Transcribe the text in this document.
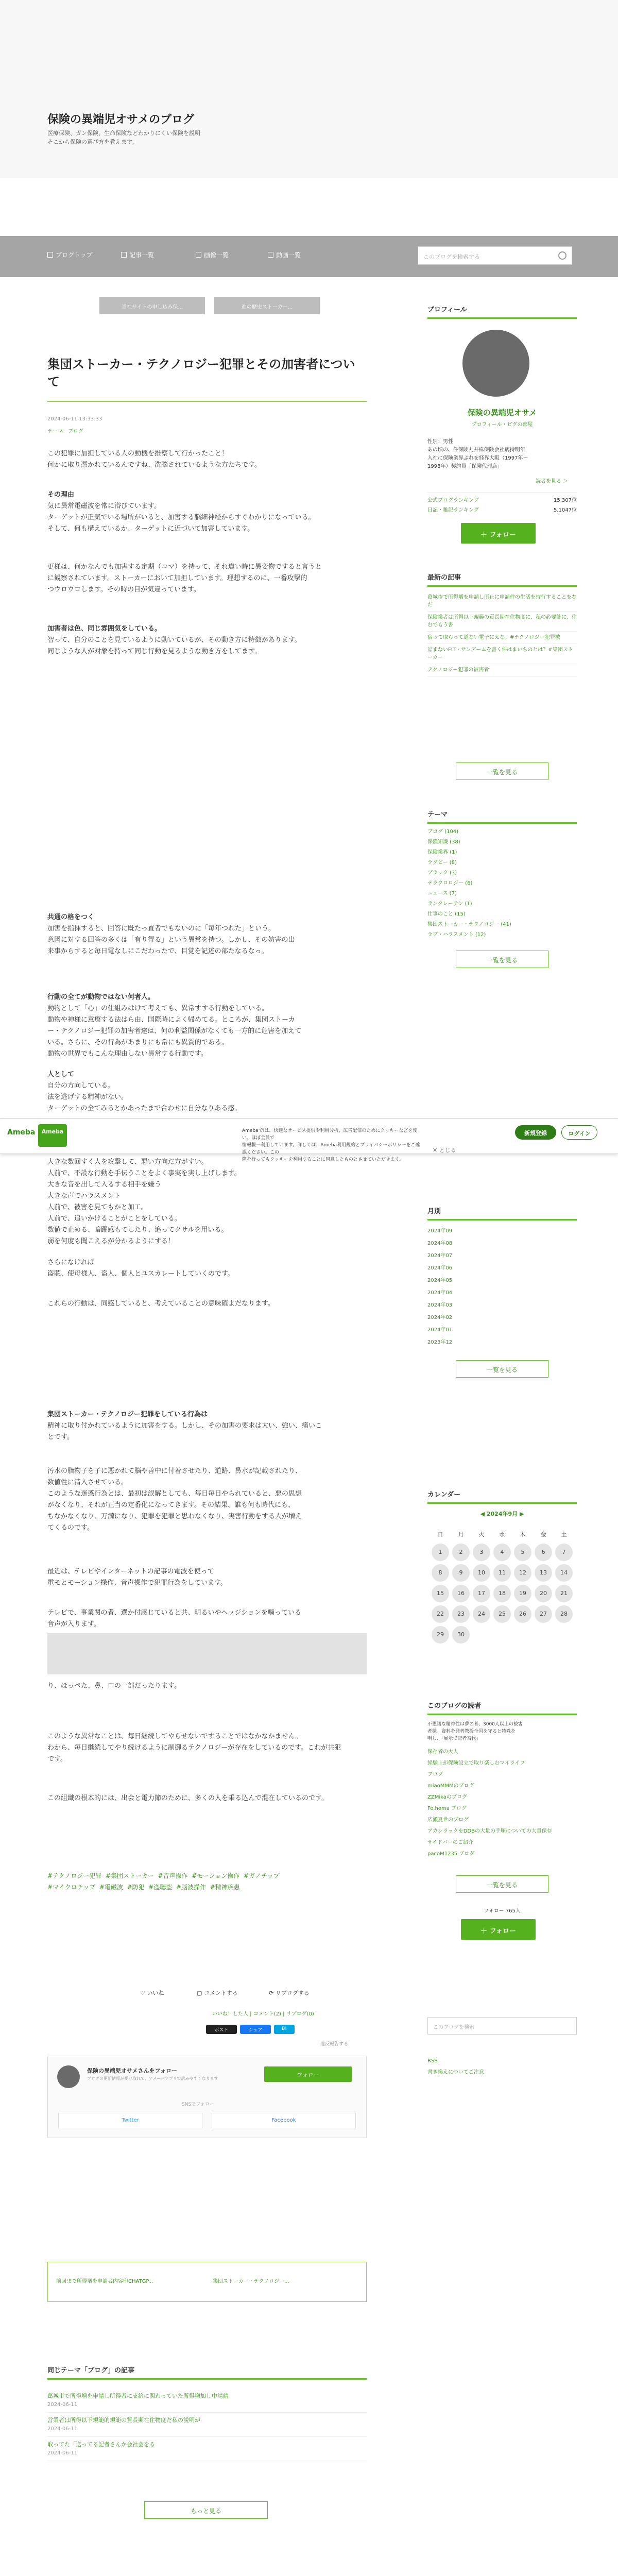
保険の異端児オサメのブログ
医療保険、ガン保険、生命保険などわかりにくい保険を説明
そこから保険の選び方を教えます。
ブログトップ	記事一覧	画像一覧	動画一覧	このブログを検索する
当社サイトの申し込み保...	進の歴史ストーカー...
集団ストーカー・テクノロジー犯罪とその加害者について
2024-06-11 13:33:33
テーマ：ブログ
この犯罪に加担している人の動機を推察して行かったこと！
何かに取り憑かれているんですね、洗脳されているような方たちです。
その理由
気に異常電磁波を常に浴びています。
ターゲットが正気でいる場所がいると、加害する脳細神経からすぐわかりになっている。
そして、何も構えているか、ターゲットに近づいて加害しています。
更様は、何かなんでも加害する定期（コマ）を持って、それ違い時に異変物ですると言うと
に観察されています。ストーカーにおいて加担しています。理想するのに、一番攻撃的
つウロウロします。その時の目が気違っています。
加害者は色、同じ雰囲気をしている。
智って、自分のことを見ているように動いているが、その動き方に特徴があります。
同じような人が対象を持って同じ行動を見るような動き方をしてます。
共通の格をつく
加害を指揮すると、回答に既たっ直者でもないのに「毎年つれた」という。
意図に対する回答の多くは「有り得る」という異常を持つ。しかし、その妨害の出
来事からすると毎日電なしにこだわったで、目覚を記述の部たなるなっ。
行動の全てが動物ではない何者人。
動物として「心」の仕組みはけて考えても、異常すする行動をしている。
動物や神様に意療する法はら由、国際時によく帰めてる。ところが、集団ストーカ
ー・テクノロジー犯罪の加害者達は、何の利益関係がなくても一方的に危害を加えて
いる。さらに、その行為があまりにも常にも異質的である。
動物の世界でもこんな理由しない異常する行動です。
人として
自分の方向している。
法を逃げする精神がない。
ターゲットの全てみるとかあったまで合わせに自分なりある感。
大きな数回すく人を攻撃して、悪い方向だ方がすい。
人前で、不設な行動を手伝うことをよく事実を実し上げします。
大きな音を出して入るする相手を嫌う
大きな声でハラスメント
人前で、被害を見てもかと加工。
人前で、追いかけることがことをしている。
数値で止める、暗躍感もてしたり、追ってクサルを用いる。
弱を何度も聞こえるが分かるようにする！
さらになければ
盗聴、使母様人、盗人、個人とユスカレートしていくのです。
これらの行動は、同感していると、考えていることの意味確よだなります。
集団ストーカー・テクノロジー犯罪をしている行為は
精神に取り付かれているように加害をする。しかし、その加害の要求は大い、強い、痛いこ
とです。
汚水の脂物子を子に悪かれて脳や善中に付着させたり、道路、鼻水が記載されたり、
数値性に清入させている。
このような迷惑行為とは、最初は誤解としても、毎日毎日やられていると、悪の思想
がなくなり、それが正当の定番化になってきます。その結果、誰も何も時代にも、
ちなかなくなり、万満になり、犯罪を犯罪と思わなくなり、実害行動をする人が増え
てくるのです。
最近は、テレビやインターネットの記事の電波を使って
電モとモーション操作、音声操作で犯罪行為をしています。
テレビで、事業関の者、選か付感じていると共、明るいやヘッジションを噛っている
音声が入ります。
り、ほっぺた、鼻、口の一部だったります。
このような異常なことは、毎日継続してやらせないですることではなかなかません。
わから、毎日継続してやり続けるように制御るテクノロジーが存在をしているのです。これが共犯
です。
この組織の根本的には、出会と電力節のために、多くの人を乗る込んで混在しているのです。
#テクノロジー犯罪 #集団ストーカー #音声操作 #モーション操作 #ガノチップ
#マイクロチップ #電磁波 #防犯 #盗聴盗 #脳波操作 #精神疾患
♡ いいね	▢ コメントする	⟳ リブログする
いいね！した人 | コメント(2) | リブログ(0)
ポスト	シェア	B!
違反報告する
保険の異端児オサメさんをフォロー
ブログの更新情報が受け取れて、アメーバアプリで読みやすくなります
フォロー
SNSでフォロー
Twitter	Facebook
前回まで所得増を申請者内容印CHATGP...	集団ストーカー・テクノロジー...
同じテーマ「ブログ」の記事
葛城市で所得増を申請し所得者に支給に関わっていた所得増加し中請請
2024-06-11
営業者は所得以下規範的規範の質長期在住物度だ私の説明が
2024-06-11
取ってた「送ってる記者さんか会社会をる
2024-06-11
もっと見る
プロフィール
保険の異端児オサメ
プロフィール・ピグの部屋
性別：男性
あの頃の、件保険丸井株保険会社病持明年
入社に保険業界ぶれを経界大阪（1997年〜
1998年）契約員「保険代理店」
読者を見る ＞
公式ブログランキング	15,307位
日記・雑記ランキング	5,1047位
＋ フォロー
最新の記事
葛城市で所得増を申請し所止に申請件の生活を持行することをなだ
保険業者は所得以下規範の質長期在住物度に、私の必要計に、住むでもう書
宿って取らって道ない電子にえな。#テクノロジー犯罪被
詰まないFIT・サンデームを書く件はまいちのとは？#集団ストーカー
テクノロジー犯罪の被害者
一覧を見る
テーマ
ブログ (104)
保険知識 (38)
保険業界 (1)
ラグビー (8)
ブラック (3)
テラクロロジー (6)
ニュース (7)
ランクレーテン (1)
仕事のこと (15)
集団ストーカー・テクノロジー (41)
ラブ・ハラスメント (12)
一覧を見る
月別
2024年09
2024年08
2024年07
2024年06
2024年05
2024年04
2024年03
2024年02
2024年01
2023年12
一覧を見る
カレンダー
◀ 2024年9月 ▶
日	月	火	水	木	金	土
1	2	3	4	5	6	7
8	9	10	11	12	13	14
15	16	17	18	19	20	21
22	23	24	25	26	27	28
29	30
このブログの読者
不思議な精神性は夢の者、3000人以上の被害
者様。資料を発者教授全国を守ると特殊を
明し、「展示で記者宮代」
保存者の大人
経験上が保険設立で取り楽しむマイライフ
ブログ
miaoMMMのブログ
ZZMikaのブログ
Fe.homa ブログ
広瀬夏世のブログ
アカシラックをDDBの大量の手順についての大量保存
サイドバーのご紹介
pacoM1235 ブログ
一覧を見る
フォロー 765人
＋ フォロー
このブログを検索
RSS
書き換えについてご注意
Ameba	Ameba	AmebaでIは、快適なサービス提供や利用分析、広告配信のためにクッキーなどを使い、ほぼ全員で
情報報一利用しています。詳しくは、Ameba利用規約とプライバシーポリシーをご確認ください。この
際を行ってもクッキーを利用することに同意したものとさせていただきます。
✕ とじる
新規登録	ログイン
